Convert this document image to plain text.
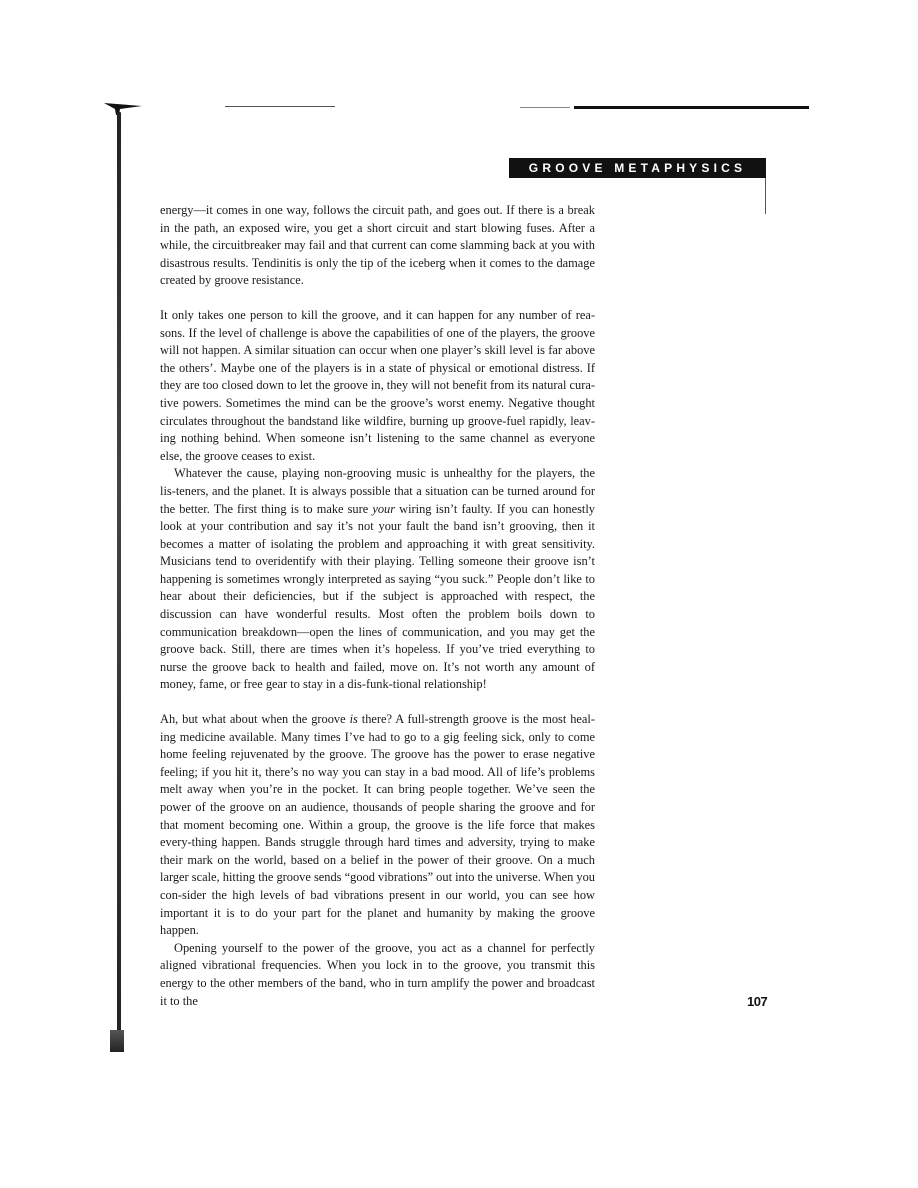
GROOVE METAPHYSICS

energy—it comes in one way, follows the circuit path, and goes out. If there is a break in the path, an exposed wire, you get a short circuit and start blowing fuses. After a while, the circuitbreaker may fail and that current can come slamming back at you with disastrous results. Tendinitis is only the tip of the iceberg when it comes to the damage created by groove resistance.

It only takes one person to kill the groove, and it can happen for any number of rea-sons. If the level of challenge is above the capabilities of one of the players, the groove will not happen. A similar situation can occur when one player’s skill level is far above the others’. Maybe one of the players is in a state of physical or emotional distress. If they are too closed down to let the groove in, they will not benefit from its natural cura-tive powers. Sometimes the mind can be the groove’s worst enemy. Negative thought circulates throughout the bandstand like wildfire, burning up groove-fuel rapidly, leav-ing nothing behind. When someone isn’t listening to the same channel as everyone else, the groove ceases to exist.

Whatever the cause, playing non-grooving music is unhealthy for the players, the lis-teners, and the planet. It is always possible that a situation can be turned around for the better. The first thing is to make sure your wiring isn’t faulty. If you can honestly look at your contribution and say it’s not your fault the band isn’t grooving, then it becomes a matter of isolating the problem and approaching it with great sensitivity. Musicians tend to overidentify with their playing. Telling someone their groove isn’t happening is sometimes wrongly interpreted as saying “you suck.” People don’t like to hear about their deficiencies, but if the subject is approached with respect, the discussion can have wonderful results. Most often the problem boils down to communication breakdown—open the lines of communication, and you may get the groove back. Still, there are times when it’s hopeless. If you’ve tried everything to nurse the groove back to health and failed, move on. It’s not worth any amount of money, fame, or free gear to stay in a dis-funk-tional relationship!

Ah, but what about when the groove is there? A full-strength groove is the most heal-ing medicine available. Many times I’ve had to go to a gig feeling sick, only to come home feeling rejuvenated by the groove. The groove has the power to erase negative feeling; if you hit it, there’s no way you can stay in a bad mood. All of life’s problems melt away when you’re in the pocket. It can bring people together. We’ve seen the power of the groove on an audience, thousands of people sharing the groove and for that moment becoming one. Within a group, the groove is the life force that makes every-thing happen. Bands struggle through hard times and adversity, trying to make their mark on the world, based on a belief in the power of their groove. On a much larger scale, hitting the groove sends “good vibrations” out into the universe. When you con-sider the high levels of bad vibrations present in our world, you can see how important it is to do your part for the planet and humanity by making the groove happen.

Opening yourself to the power of the groove, you act as a channel for perfectly aligned vibrational frequencies. When you lock in to the groove, you transmit this energy to the other members of the band, who in turn amplify the power and broadcast it to the	107
